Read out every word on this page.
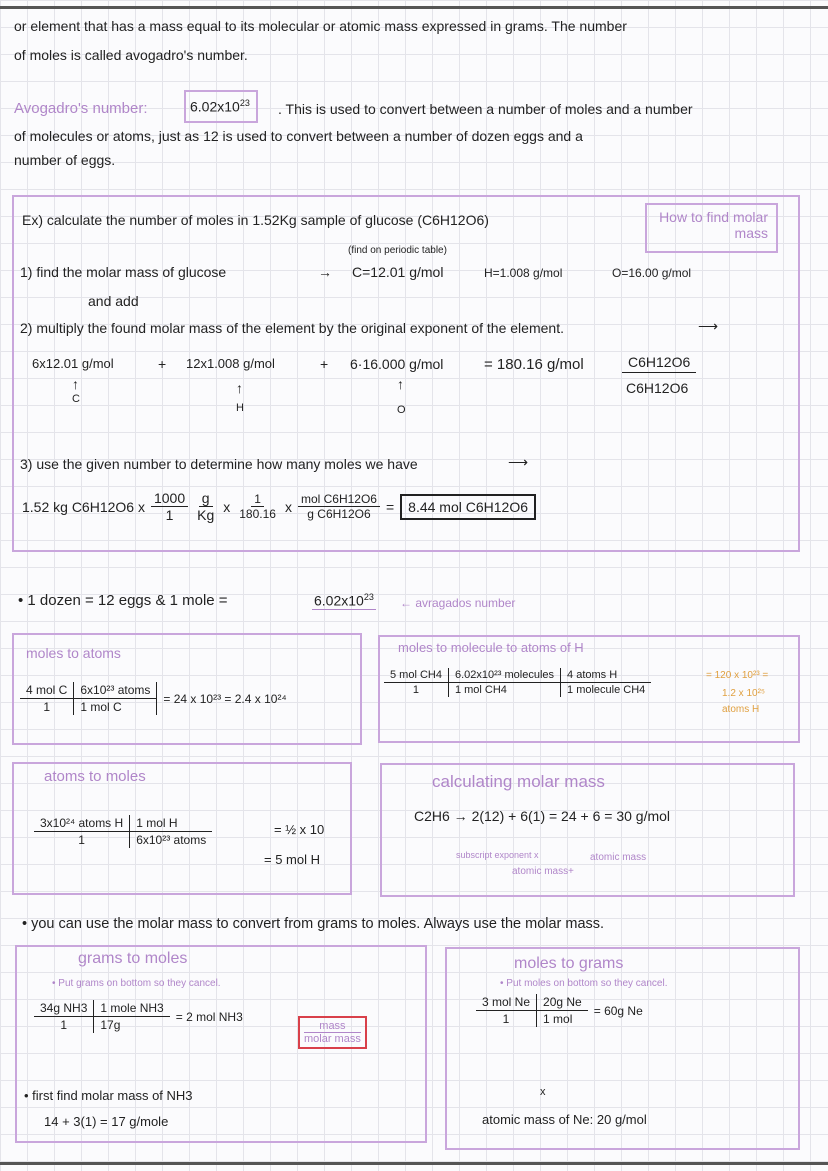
or element that has a mass equal to its molecular or atomic mass expressed in grams. The number
of moles is called avogadro's number.
Avogadro's number:	$6.02x10^{23}$	. This is used to convert between a number of moles and a number
of molecules or atoms, just as 12 is used to convert between a number of dozen eggs and a
number of eggs.
Ex) calculate the number of moles in 1.52Kg sample of glucose (C6H12O6)	How to find molar mass
(find on periodic table)
1) find the molar mass of glucose	→ C=12.01 g/mol	H=1.008 g/mol	O=16.00 g/mol
and add
2) multiply the found molar mass of the element by the original exponent of the element.	⟶
6x12.01 g/mol	+ 12x1.008 g/mol	+ 6·16.000 g/mol	= 180.16 g/mol	C6H12O6
C6H12O6
↑
C
↑
H
↑
O
3) use the given number to determine how many moles we have	⟶
1.52 kg C6H12O6 x $\frac{1000}{1} \frac{g}{Kg}$ x $\frac{1}{180.16}$ x mol C6H12O6
g C6H12O6 =	8.44 mol C6H12O6
• 1 dozen = 12 eggs & 1 mole =	$6.02x10^{23}$ ← avragados number
moles to atoms
4 mol C	6x10²³ atoms
1	1 mol C
= 24 x 10²³ = 2.4 x 10²⁴
moles to molecule to atoms of H
5 mol CH4	6.02x10²³ molecules	4 atoms H
1	1 mol CH4	1 molecule CH4
= 120 x 10²³ =
1.2 x 10²⁵
atoms H
atoms to moles
3x10²⁴ atoms H	1 mol H
1	6x10²³ atoms
= ½ x 10
= 5 mol H
calculating molar mass
C2H6 → 2(12) + 6(1) = 24 + 6 = 30 g/mol
subscript exponent x
atomic mass +
atomic mass
• you can use the molar mass to convert from grams to moles. Always use the molar mass.
grams to moles
• Put grams on bottom so they cancel.
34g NH3	1 mole NH3
1	17g
= 2 mol NH3
mass
molar mass
• first find molar mass of NH3
14 + 3(1) = 17 g/mole
moles to grams
• Put moles on bottom so they cancel.
3 mol Ne	20g Ne
1	1 mol
= 60g Ne
x
atomic mass of Ne: 20 g/mol
